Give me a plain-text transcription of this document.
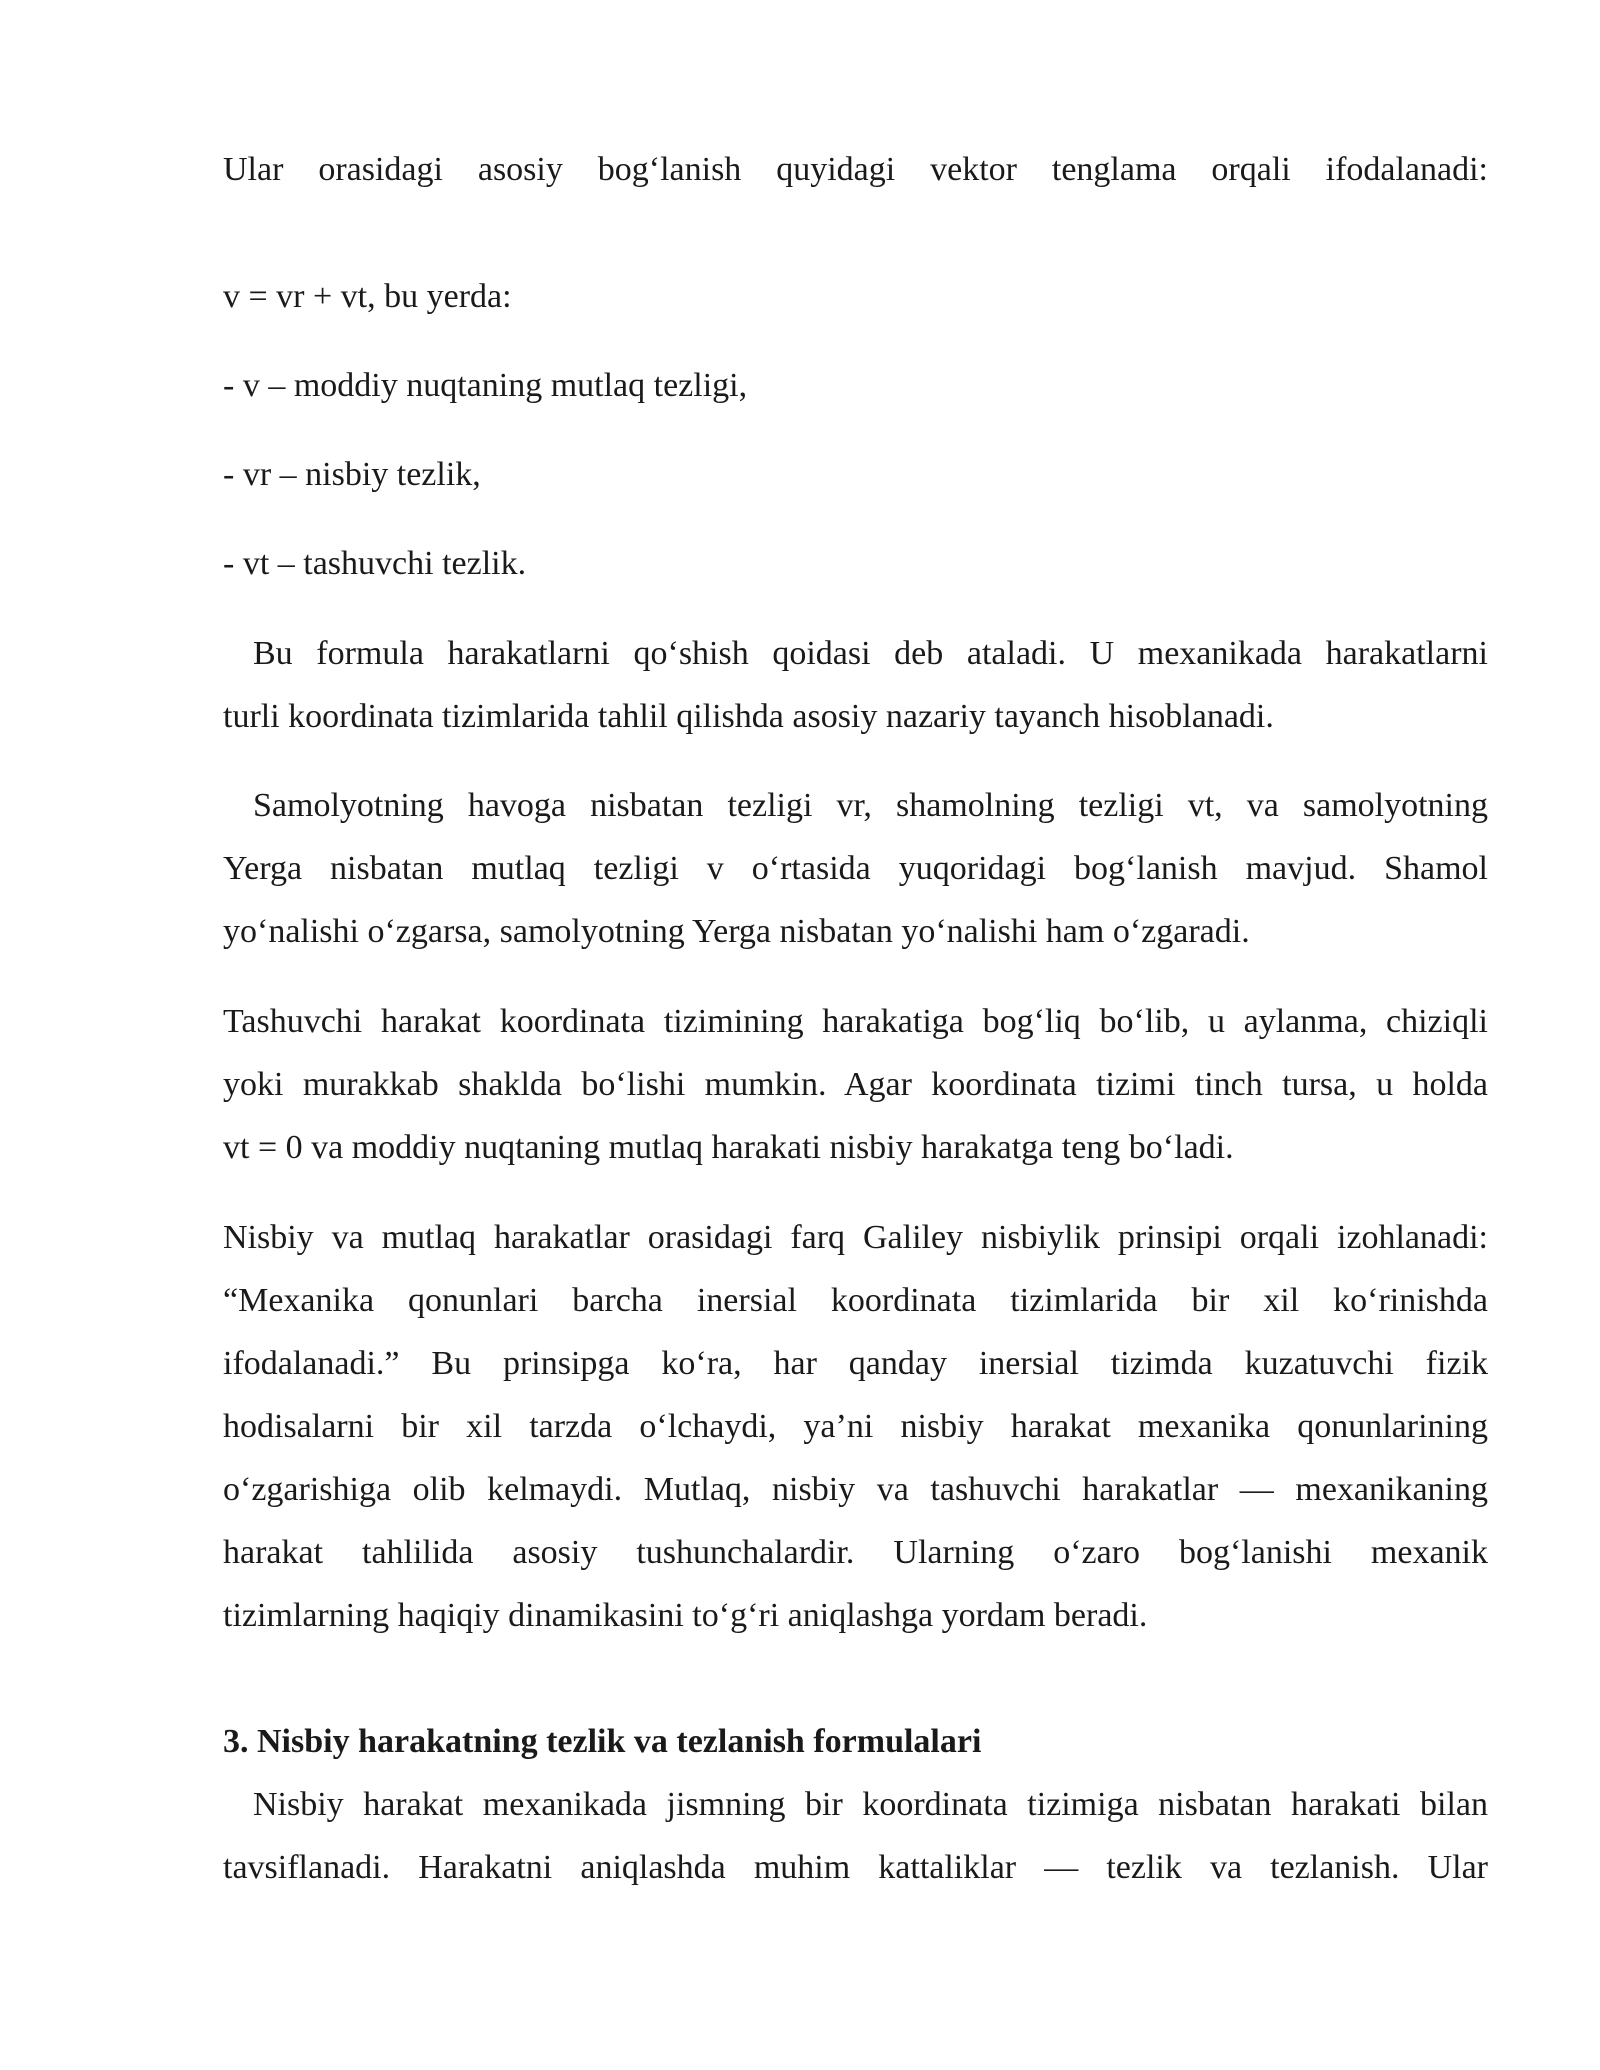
Ular orasidagi asosiy bog‘lanish quyidagi vektor tenglama orqali ifodalanadi:
v = vr + vt, bu yerda:
- v – moddiy nuqtaning mutlaq tezligi,
- vr – nisbiy tezlik,
- vt – tashuvchi tezlik.
Bu formula harakatlarni qo‘shish qoidasi deb ataladi. U mexanikada harakatlarni
turli koordinata tizimlarida tahlil qilishda asosiy nazariy tayanch hisoblanadi.
Samolyotning havoga nisbatan tezligi vr, shamolning tezligi vt, va samolyotning
Yerga nisbatan mutlaq tezligi v o‘rtasida yuqoridagi bog‘lanish mavjud. Shamol
yo‘nalishi o‘zgarsa, samolyotning Yerga nisbatan yo‘nalishi ham o‘zgaradi.
Tashuvchi harakat koordinata tizimining harakatiga bog‘liq bo‘lib, u aylanma, chiziqli
yoki murakkab shaklda bo‘lishi mumkin. Agar koordinata tizimi tinch tursa, u holda
vt = 0 va moddiy nuqtaning mutlaq harakati nisbiy harakatga teng bo‘ladi.
Nisbiy va mutlaq harakatlar orasidagi farq Galiley nisbiylik prinsipi orqali izohlanadi:
“Mexanika qonunlari barcha inersial koordinata tizimlarida bir xil ko‘rinishda
ifodalanadi.” Bu prinsipga ko‘ra, har qanday inersial tizimda kuzatuvchi fizik
hodisalarni bir xil tarzda o‘lchaydi, ya’ni nisbiy harakat mexanika qonunlarining
o‘zgarishiga olib kelmaydi. Mutlaq, nisbiy va tashuvchi harakatlar — mexanikaning
harakat tahlilida asosiy tushunchalardir. Ularning o‘zaro bog‘lanishi mexanik
tizimlarning haqiqiy dinamikasini to‘g‘ri aniqlashga yordam beradi.
3. Nisbiy harakatning tezlik va tezlanish formulalari
Nisbiy harakat mexanikada jismning bir koordinata tizimiga nisbatan harakati bilan
tavsiflanadi. Harakatni aniqlashda muhim kattaliklar — tezlik va tezlanish. Ular
